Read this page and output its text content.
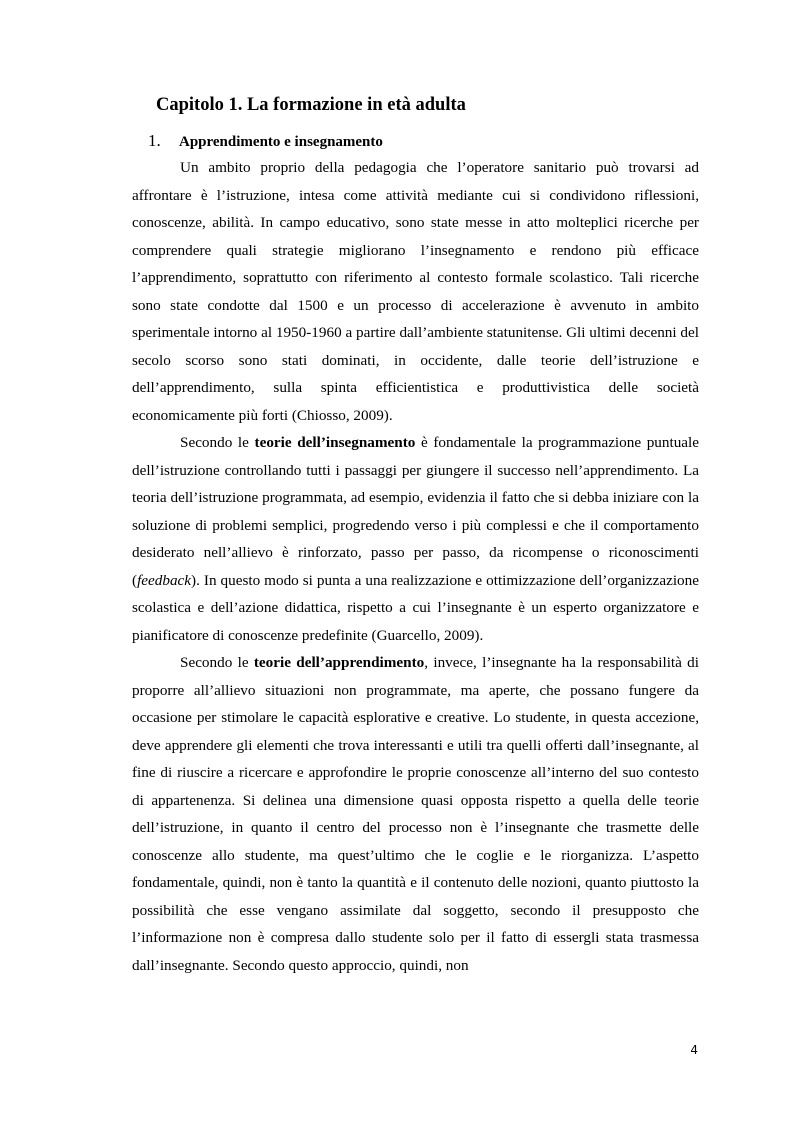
Capitolo 1. La formazione in età adulta
1. Apprendimento e insegnamento

Un ambito proprio della pedagogia che l’operatore sanitario può trovarsi ad affrontare è l’istruzione, intesa come attività mediante cui si condividono riflessioni, conoscenze, abilità. In campo educativo, sono state messe in atto molteplici ricerche per comprendere quali strategie migliorano l’insegnamento e rendono più efficace l’apprendimento, soprattutto con riferimento al contesto formale scolastico. Tali ricerche sono state condotte dal 1500 e un processo di accelerazione è avvenuto in ambito sperimentale intorno al 1950-1960 a partire dall’ambiente statunitense. Gli ultimi decenni del secolo scorso sono stati dominati, in occidente, dalle teorie dell’istruzione e dell’apprendimento, sulla spinta efficientistica e produttivistica delle società economicamente più forti (Chiosso, 2009).

Secondo le teorie dell’insegnamento è fondamentale la programmazione puntuale dell’istruzione controllando tutti i passaggi per giungere il successo nell’apprendimento. La teoria dell’istruzione programmata, ad esempio, evidenzia il fatto che si debba iniziare con la soluzione di problemi semplici, progredendo verso i più complessi e che il comportamento desiderato nell’allievo è rinforzato, passo per passo, da ricompense o riconoscimenti (feedback). In questo modo si punta a una realizzazione e ottimizzazione dell’organizzazione scolastica e dell’azione didattica, rispetto a cui l’insegnante è un esperto organizzatore e pianificatore di conoscenze predefinite (Guarcello, 2009).

Secondo le teorie dell’apprendimento, invece, l’insegnante ha la responsabilità di proporre all’allievo situazioni non programmate, ma aperte, che possano fungere da occasione per stimolare le capacità esplorative e creative. Lo studente, in questa accezione, deve apprendere gli elementi che trova interessanti e utili tra quelli offerti dall’insegnante, al fine di riuscire a ricercare e approfondire le proprie conoscenze all’interno del suo contesto di appartenenza. Si delinea una dimensione quasi opposta rispetto a quella delle teorie dell’istruzione, in quanto il centro del processo non è l’insegnante che trasmette delle conoscenze allo studente, ma quest’ultimo che le coglie e le riorganizza. L’aspetto fondamentale, quindi, non è tanto la quantità e il contenuto delle nozioni, quanto piuttosto la possibilità che esse vengano assimilate dal soggetto, secondo il presupposto che l’informazione non è compresa dallo studente solo per il fatto di essergli stata trasmessa dall’insegnante. Secondo questo approccio, quindi, non

4
